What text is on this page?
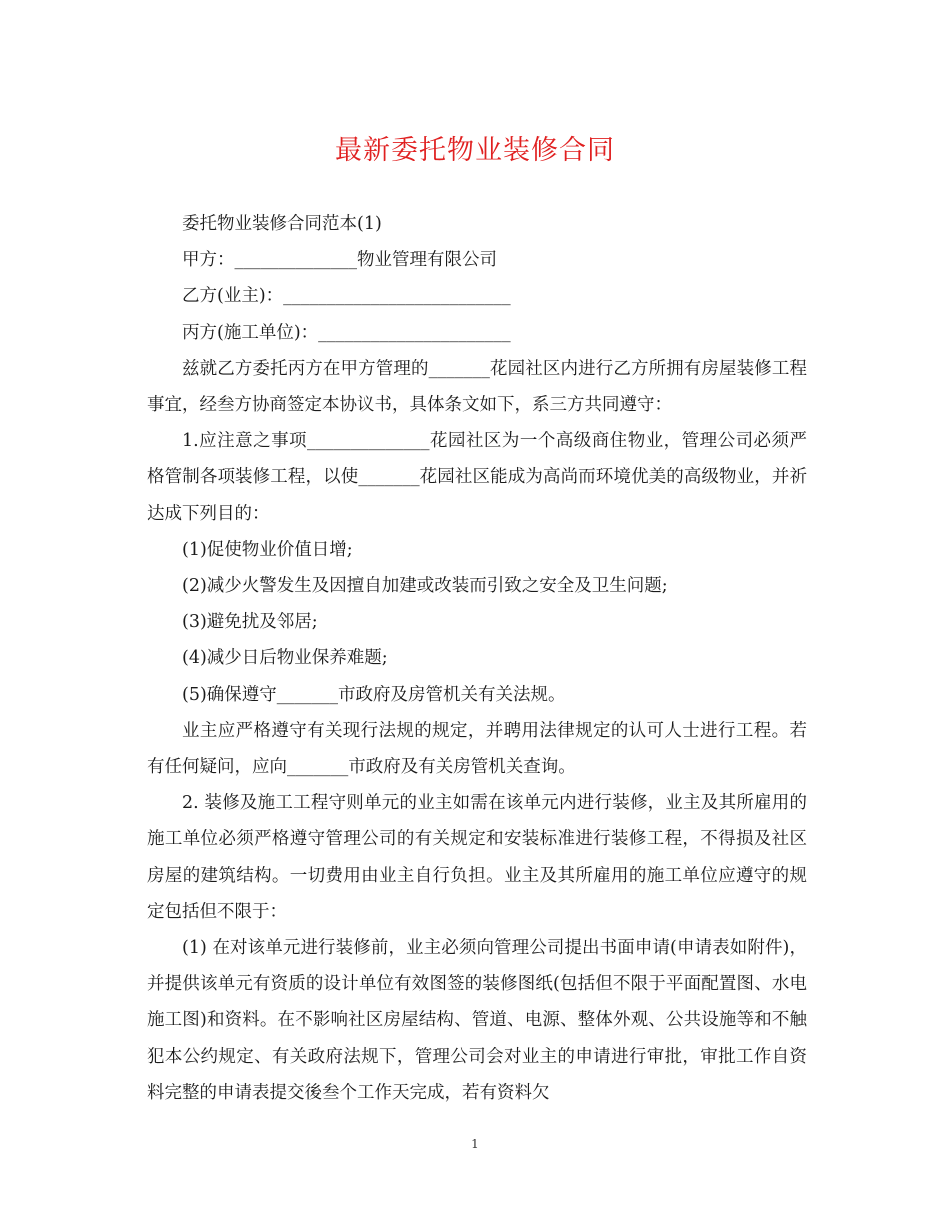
最新委托物业装修合同

委托物业装修合同范本(1)

甲方：______________物业管理有限公司

乙方(业主)：__________________________

丙方(施工单位)：______________________

兹就乙方委托丙方在甲方管理的_______花园社区内进行乙方所拥有房屋装修工程事宜，经叁方协商签定本协议书，具体条文如下，系三方共同遵守：

1.应注意之事项______________花园社区为一个高级商住物业，管理公司必须严格管制各项装修工程，以使_______花园社区能成为高尚而环境优美的高级物业，并祈达成下列目的：

(1)促使物业价值日增;

(2)减少火警发生及因擅自加建或改装而引致之安全及卫生问题;

(3)避免扰及邻居;

(4)减少日后物业保养难题;

(5)确保遵守_______市政府及房管机关有关法规。

业主应严格遵守有关现行法规的规定，并聘用法律规定的认可人士进行工程。若有任何疑问，应向_______市政府及有关房管机关查询。

2. 装修及施工工程守则单元的业主如需在该单元内进行装修，业主及其所雇用的施工单位必须严格遵守管理公司的有关规定和安装标准进行装修工程，不得损及社区房屋的建筑结构。一切费用由业主自行负担。业主及其所雇用的施工单位应遵守的规定包括但不限于：

(1) 在对该单元进行装修前，业主必须向管理公司提出书面申请(申请表如附件)，并提供该单元有资质的设计单位有效图签的装修图纸(包括但不限于平面配置图、水电施工图)和资料。在不影响社区房屋结构、管道、电源、整体外观、公共设施等和不触犯本公约规定、有关政府法规下，管理公司会对业主的申请进行审批，审批工作自资料完整的申请表提交後叁个工作天完成，若有资料欠

1
